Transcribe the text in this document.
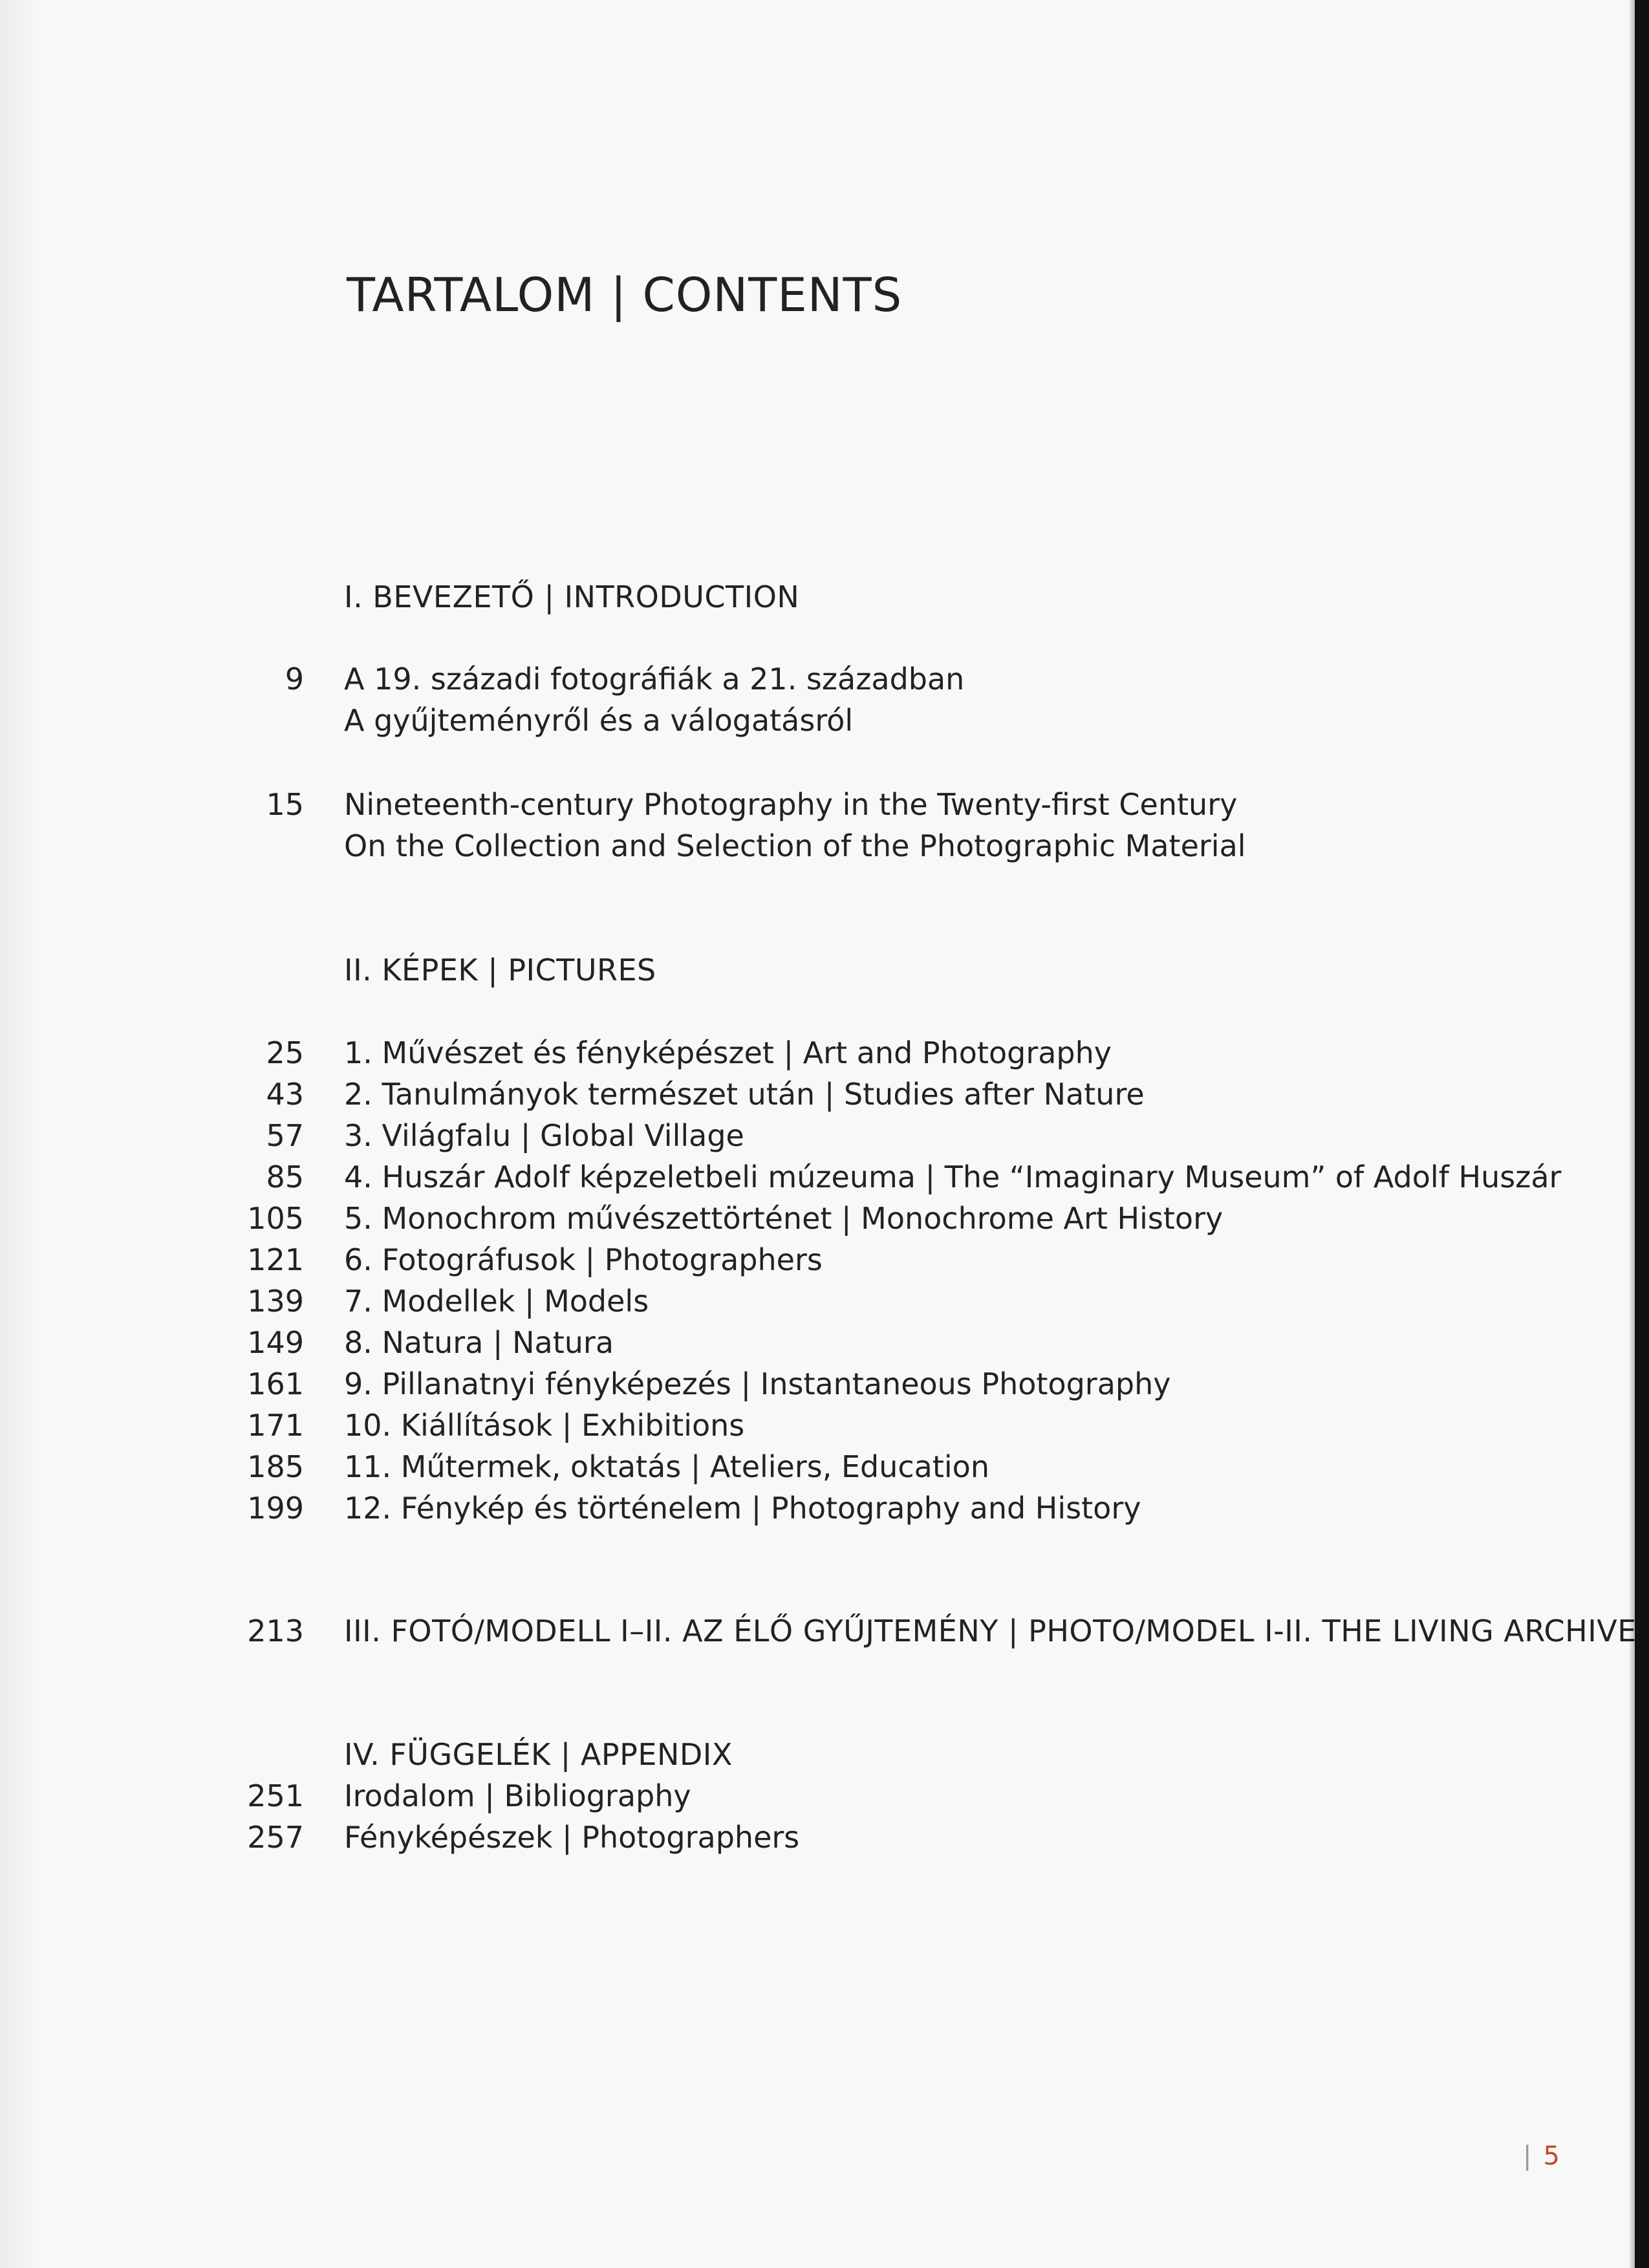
TARTALOM | CONTENTS
I. BEVEZETŐ | INTRODUCTION
9 A 19. századi fotográfiák a 21. században
A gyűjteményről és a válogatásról
15 Nineteenth-century Photography in the Twenty-first Century
On the Collection and Selection of the Photographic Material
II. KÉPEK | PICTURES
25 1. Művészet és fényképészet | Art and Photography
43 2. Tanulmányok természet után | Studies after Nature
57 3. Világfalu | Global Village
85 4. Huszár Adolf képzeletbeli múzeuma | The “Imaginary Museum” of Adolf Huszár
105 5. Monochrom művészettörténet | Monochrome Art History
121 6. Fotográfusok | Photographers
139 7. Modellek | Models
149 8. Natura | Natura
161 9. Pillanatnyi fényképezés | Instantaneous Photography
171 10. Kiállítások | Exhibitions
185 11. Műtermek, oktatás | Ateliers, Education
199 12. Fénykép és történelem | Photography and History
213 III. FOTÓ/MODELL I–II. AZ ÉLŐ GYŰJTEMÉNY | PHOTO/MODEL I-II. THE LIVING ARCHIVE
IV. FÜGGELÉK | APPENDIX
251 Irodalom | Bibliography
257 Fényképészek | Photographers
| 5
